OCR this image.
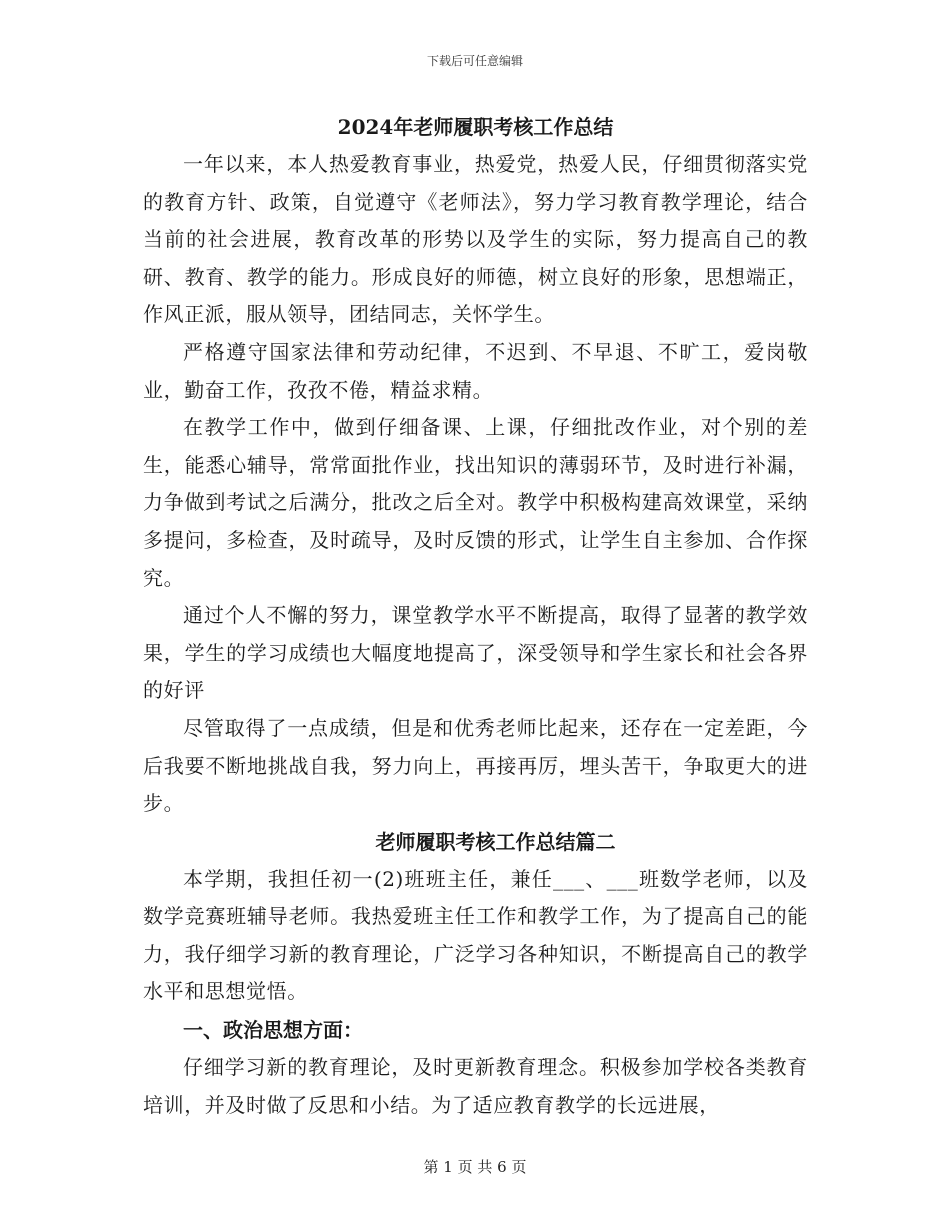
下载后可任意编辑
2024年老师履职考核工作总结

一年以来，本人热爱教育事业，热爱党，热爱人民，仔细贯彻落实党的教育方针、政策，自觉遵守《老师法》，努力学习教育教学理论，结合当前的社会进展，教育改革的形势以及学生的实际，努力提高自己的教研、教育、教学的能力。形成良好的师德，树立良好的形象，思想端正，作风正派，服从领导，团结同志，关怀学生。

严格遵守国家法律和劳动纪律，不迟到、不早退、不旷工，爱岗敬业，勤奋工作，孜孜不倦，精益求精。

在教学工作中，做到仔细备课、上课，仔细批改作业，对个别的差生，能悉心辅导，常常面批作业，找出知识的薄弱环节，及时进行补漏，力争做到考试之后满分，批改之后全对。教学中积极构建高效课堂，采纳多提问，多检查，及时疏导，及时反馈的形式，让学生自主参加、合作探究。

通过个人不懈的努力，课堂教学水平不断提高，取得了显著的教学效果，学生的学习成绩也大幅度地提高了，深受领导和学生家长和社会各界的好评

尽管取得了一点成绩，但是和优秀老师比起来，还存在一定差距，今后我要不断地挑战自我，努力向上，再接再厉，埋头苦干，争取更大的进步。

老师履职考核工作总结篇二

本学期，我担任初一(2)班班主任，兼任___、___班数学老师，以及数学竞赛班辅导老师。我热爱班主任工作和教学工作，为了提高自己的能力，我仔细学习新的教育理论，广泛学习各种知识，不断提高自己的教学水平和思想觉悟。

一、政治思想方面：

仔细学习新的教育理论，及时更新教育理念。积极参加学校各类教育培训，并及时做了反思和小结。为了适应教育教学的长远进展，

第 1 页 共 6 页
